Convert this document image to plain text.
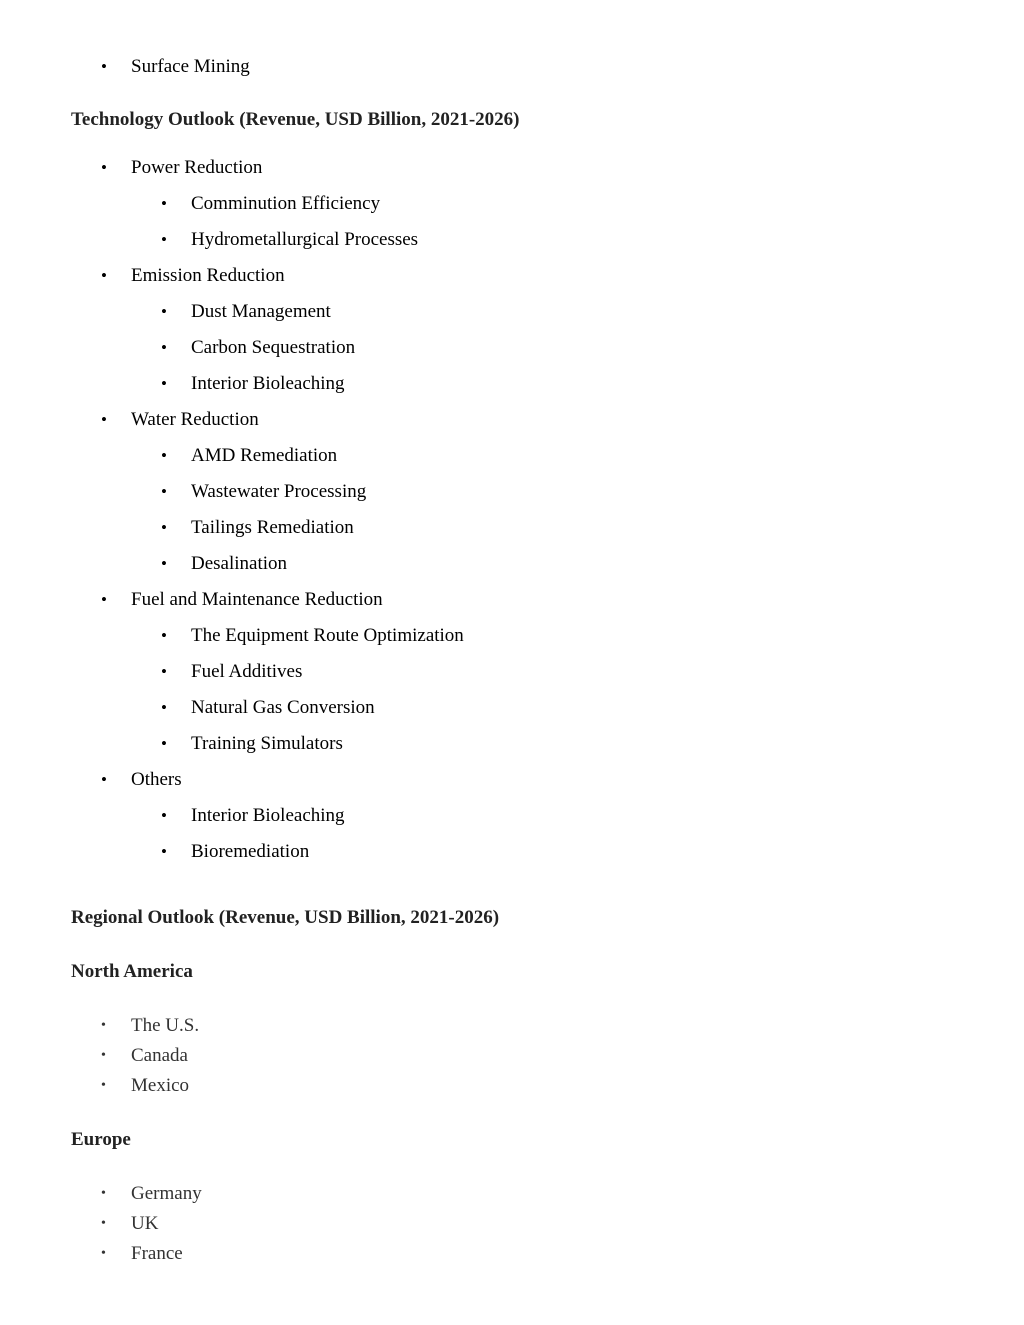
• Surface Mining
Technology Outlook (Revenue, USD Billion, 2021-2026)
• Power Reduction
• Comminution Efficiency
• Hydrometallurgical Processes
• Emission Reduction
• Dust Management
• Carbon Sequestration
• Interior Bioleaching
• Water Reduction
• AMD Remediation
• Wastewater Processing
• Tailings Remediation
• Desalination
• Fuel and Maintenance Reduction
• The Equipment Route Optimization
• Fuel Additives
• Natural Gas Conversion
• Training Simulators
• Others
• Interior Bioleaching
• Bioremediation
Regional Outlook (Revenue, USD Billion, 2021-2026)
North America
• The U.S.
• Canada
• Mexico
Europe
• Germany
• UK
• France
